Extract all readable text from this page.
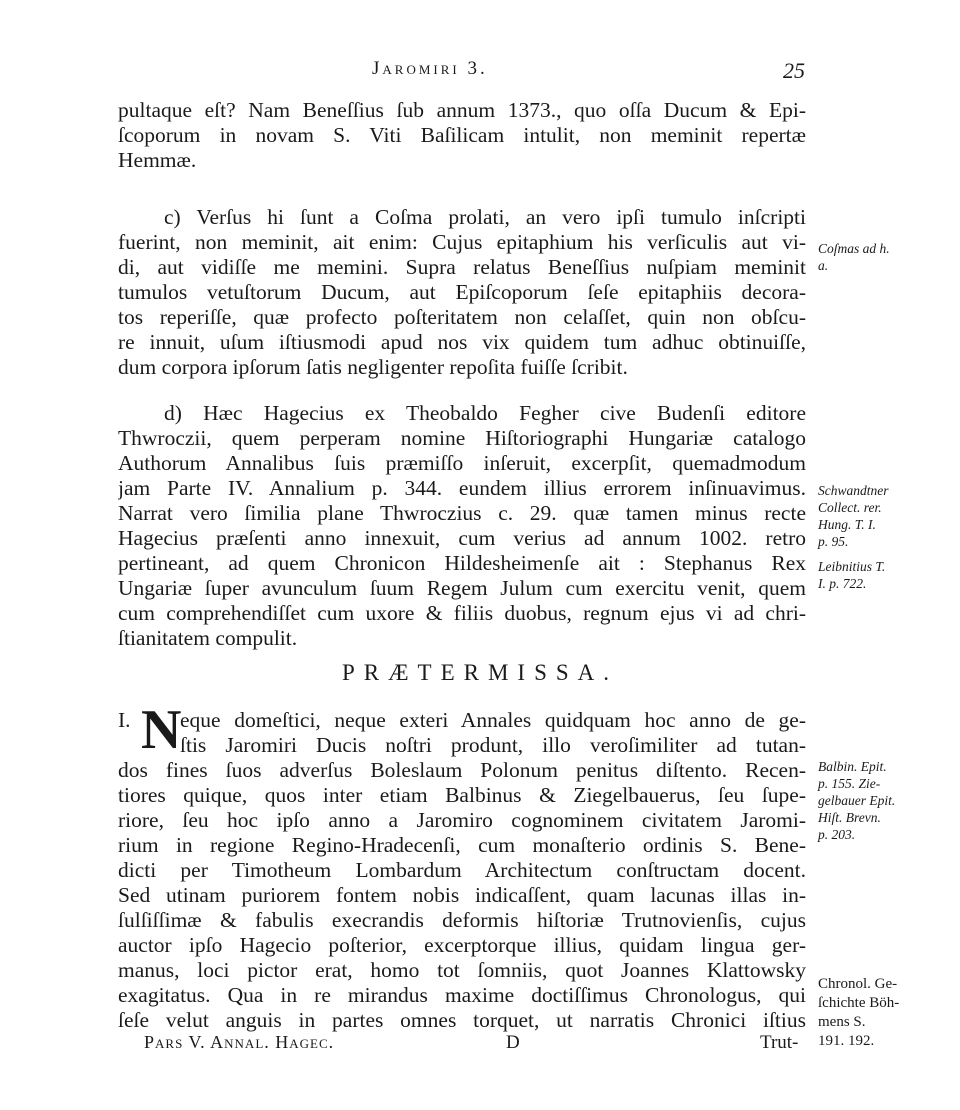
Jaromiri 3.	25
pultaque eſt? Nam Beneſſius ſub annum 1373., quo oſſa Ducum & Epi-
ſcoporum in novam S. Viti Baſilicam intulit, non meminit repertæ
Hemmæ.
c) Verſus hi ſunt a Coſma prolati, an vero ipſi tumulo inſcripti
fuerint, non meminit, ait enim: Cujus epitaphium his verſiculis aut vi-
di, aut vidiſſe me memini. Supra relatus Beneſſius nuſpiam meminit
tumulos vetuſtorum Ducum, aut Epiſcoporum ſeſe epitaphiis decora-
tos reperiſſe, quæ profecto poſteritatem non celaſſet, quin non obſcu-
re innuit, uſum iſtiusmodi apud nos vix quidem tum adhuc obtinuiſſe,
dum corpora ipſorum ſatis negligenter repoſita fuiſſe ſcribit.
d) Hæc Hagecius ex Theobaldo Fegher cive Budenſi editore
Thwroczii, quem perperam nomine Hiſtoriographi Hungariæ catalogo
Authorum Annalibus ſuis præmiſſo inſeruit, excerpſit, quemadmodum
jam Parte IV. Annalium p. 344. eundem illius errorem inſinuavimus.
Narrat vero ſimilia plane Thwroczius c. 29. quæ tamen minus recte
Hagecius præſenti anno innexuit, cum verius ad annum 1002. retro
pertineant, ad quem Chronicon Hildesheimenſe ait : Stephanus Rex
Ungariæ ſuper avunculum ſuum Regem Julum cum exercitu venit, quem
cum comprehendiſſet cum uxore & filiis duobus, regnum ejus vi ad chri-
ſtianitatem compulit.
PRÆTERMISSA.
I. eque domeſtici, neque exteri Annales quidquam hoc anno de ge-
ſtis Jaromiri Ducis noſtri produnt, illo veroſimiliter ad tutan-
dos fines ſuos adverſus Boleslaum Polonum penitus diſtento. Recen-
tiores quique, quos inter etiam Balbinus & Ziegelbauerus, ſeu ſupe-
riore, ſeu hoc ipſo anno a Jaromiro cognominem civitatem Jaromi-
rium in regione Regino-Hradecenſi, cum monaſterio ordinis S. Bene-
dicti per Timotheum Lombardum Architectum conſtructam docent.
Sed utinam puriorem fontem nobis indicaſſent, quam lacunas illas in-
ſulſiſſimæ & fabulis execrandis deformis hiſtoriæ Trutnovienſis, cujus
auctor ipſo Hagecio poſterior, excerptorque illius, quidam lingua ger-
manus, loci pictor erat, homo tot ſomniis, quot Joannes Klattowsky
exagitatus. Qua in re mirandus maxime doctiſſimus Chronologus, qui
ſeſe velut anguis in partes omnes torquet, ut narratis Chronici iſtius
N
Coſmas ad h.
a.
Schwandtner
Collect. rer.
Hung. T. I.
p. 95.
Leibnitius T.
I. p. 722.
Balbin. Epit.
p. 155. Zie-
gelbauer Epit.
Hiſt. Brevn.
p. 203.
Chronol. Ge-
ſchichte Böh-
mens S.
191. 192.
Pars V. Annal. Hagec.	D	Trut-
